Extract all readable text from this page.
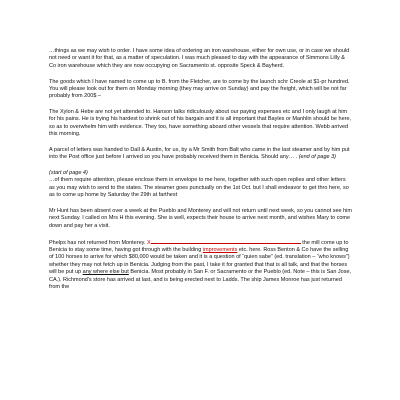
…things as we may wish to order. I have some idea of ordering an iron warehouse, either for own use, or in case we should not need or want it for that, as a matter of speculation. I was much pleased to day with the appearance of Simmons Lilly & Co iron warehouse which they are now occupying on Sacramento st. opposite Speck & Bayherd.

The goods which I have named to come up to B. from the Fletcher, are to come by the launch schr Creole at $1-pr hundred. You will please look out for them on Monday morning (they may arrive on Sunday) and pay the freight, which will be not far probably from 200$ –

The Xylon & Hebe are not yet attended to. Hanson talks ridiculously about our paying expenses etc and I only laugh at him for his pains. He is trying his hardest to shrink out of his bargain and it is all important that Bayles or Manhlin should be here, so as to overwhelm him with evidence. They too, have something aboard other vessels that require attention. Webb arrived this morning.

A parcel of letters was handed to Dall & Austin, for us, by a Mr Smith from Balt who came in the last steamer and by him put into the Post office just before I arrived so you have probably received them in Benicia. Should any… . (end of page 3)

(start of page 4)

…of them require attention, please enclose them in envelope to me here, together with such open replies and other letters as you may wish to send to the states. The steamer goes punctually on the 1st Oct. but I shall endeavor to get thro here, so as to come up home by Saturday the 29th at farthest

Mr Hunt has been absent over a week at the Pueblo and Monterey and will not return until next week, so you cannot see him next Sunday. I called on Mrs H this evening. She is well, expects their house to arrive next month, and wishes Mary to come down and pay her a visit.

Phelps has not returned from Monterey. X	the mill come up to Benicia to stay some time, having got through with the building improvements etc. here. Ross Benton & Co have the selling of 100 horses to arrive for which $80,000 would be taken and it is a question of “quien sabe” (ed. translation – “who knows”) whether they may not fetch up in Benicia. Judging from the past, I take it for granted that that is all talk, and that the horses will be put up any where else but Benicia. Most probably in San F. or Sacramento or the Pueblo (ed. Note – this is San Jose, CA.). Richmond's store has arrived at last, and is being erected next to Ladds. The ship James Monroe has just returned from the
